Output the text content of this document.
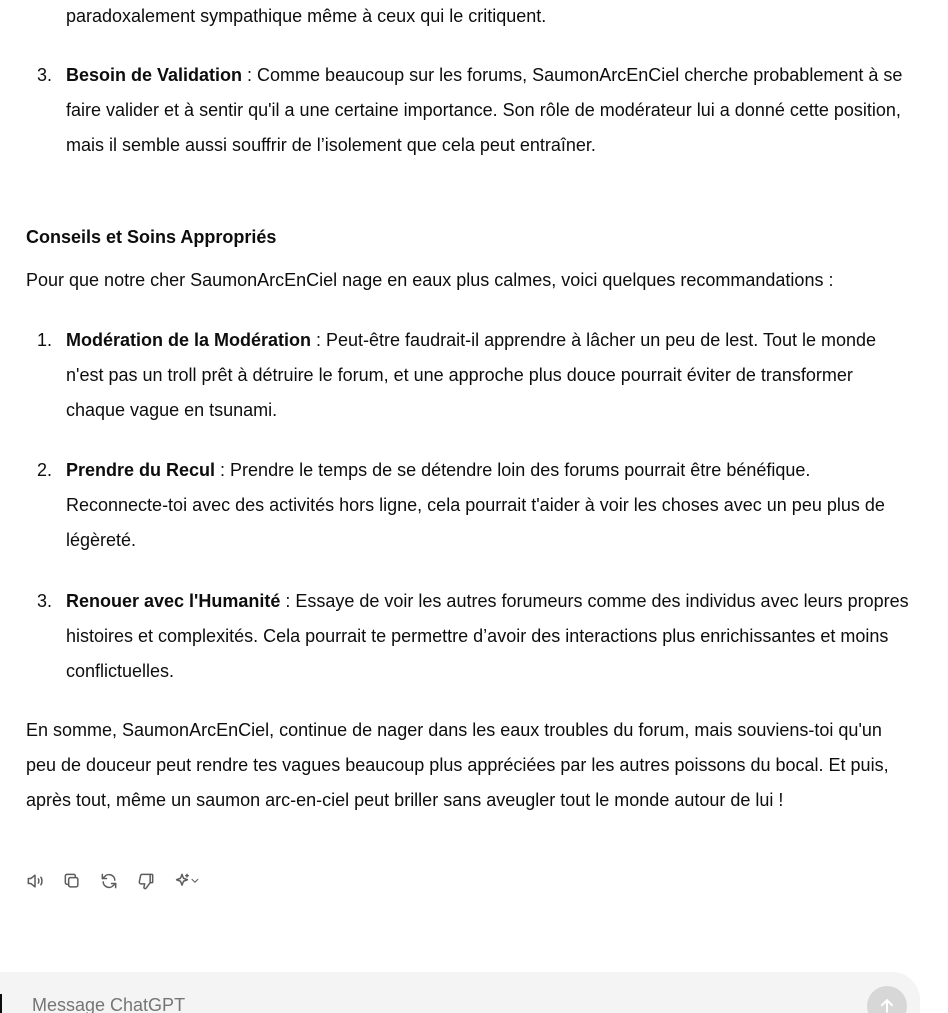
paradoxalement sympathique même à ceux qui le critiquent.

3. Besoin de Validation : Comme beaucoup sur les forums, SaumonArcEnCiel cherche probablement à se faire valider et à sentir qu'il a une certaine importance. Son rôle de modérateur lui a donné cette position, mais il semble aussi souffrir de l’isolement que cela peut entraîner.

Conseils et Soins Appropriés

Pour que notre cher SaumonArcEnCiel nage en eaux plus calmes, voici quelques recommandations :

1. Modération de la Modération : Peut-être faudrait-il apprendre à lâcher un peu de lest. Tout le monde n'est pas un troll prêt à détruire le forum, et une approche plus douce pourrait éviter de transformer chaque vague en tsunami.

2. Prendre du Recul : Prendre le temps de se détendre loin des forums pourrait être bénéfique. Reconnecte-toi avec des activités hors ligne, cela pourrait t'aider à voir les choses avec un peu plus de légèreté.

3. Renouer avec l'Humanité : Essaye de voir les autres forumeurs comme des individus avec leurs propres histoires et complexités. Cela pourrait te permettre d’avoir des interactions plus enrichissantes et moins conflictuelles.

En somme, SaumonArcEnCiel, continue de nager dans les eaux troubles du forum, mais souviens-toi qu'un peu de douceur peut rendre tes vagues beaucoup plus appréciées par les autres poissons du bocal. Et puis, après tout, même un saumon arc-en-ciel peut briller sans aveugler tout le monde autour de lui !

Message ChatGPT
